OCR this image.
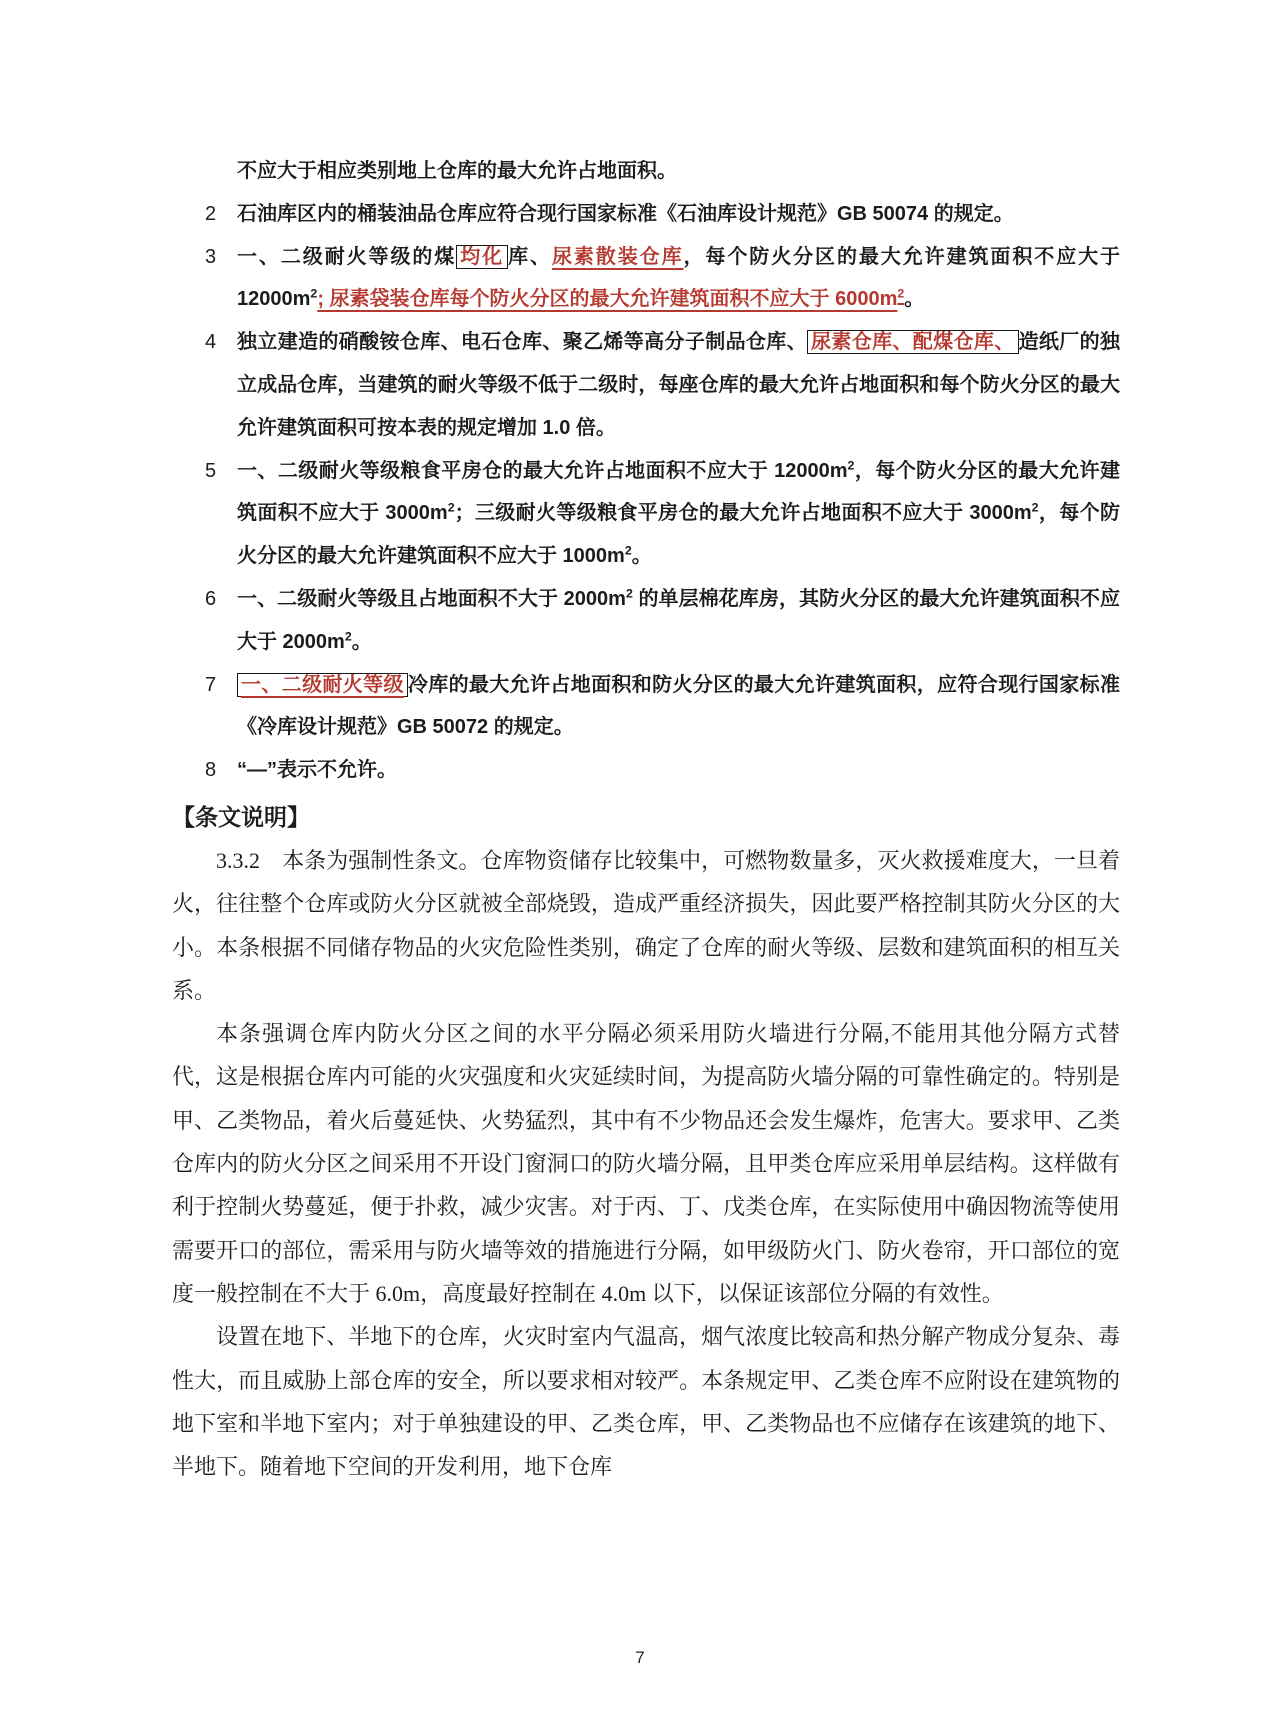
不应大于相应类别地上仓库的最大允许占地面积。
2	石油库区内的桶装油品仓库应符合现行国家标准《石油库设计规范》GB 50074 的规定。
3	一、二级耐火等级的煤 均化 库、尿素散装仓库，每个防火分区的最大允许建筑面积不应大于 $12000m^2$; 尿素袋装仓库每个防火分区的最大允许建筑面积不应大于 $6000m^2$。
4	独立建造的硝酸铵仓库、电石仓库、聚乙烯等高分子制品仓库、 尿素仓库、配煤仓库、 造纸厂的独立成品仓库，当建筑的耐火等级不低于二级时，每座仓库的最大允许占地面积和每个防火分区的最大允许建筑面积可按本表的规定增加 1.0 倍。
5	一、二级耐火等级粮食平房仓的最大允许占地面积不应大于 $12000m^2$，每个防火分区的最大允许建筑面积不应大于 $3000m^2$；三级耐火等级粮食平房仓的最大允许占地面积不应大于 $3000m^2$，每个防火分区的最大允许建筑面积不应大于 $1000m^2$。
6	一、二级耐火等级且占地面积不大于 $2000m^2$ 的单层棉花库房，其防火分区的最大允许建筑面积不应大于 $2000m^2$。
7	一、二级耐火等级 冷库的最大允许占地面积和防火分区的最大允许建筑面积，应符合现行国家标准《冷库设计规范》GB 50072 的规定。
8	“—”表示不允许。
【条文说明】

3.3.2　本条为强制性条文。仓库物资储存比较集中，可燃物数量多，灭火救援难度大，一旦着火，往往整个仓库或防火分区就被全部烧毁，造成严重经济损失，因此要严格控制其防火分区的大小。本条根据不同储存物品的火灾危险性类别，确定了仓库的耐火等级、层数和建筑面积的相互关系。

本条强调仓库内防火分区之间的水平分隔必须采用防火墙进行分隔,不能用其他分隔方式替代，这是根据仓库内可能的火灾强度和火灾延续时间，为提高防火墙分隔的可靠性确定的。特别是甲、乙类物品，着火后蔓延快、火势猛烈，其中有不少物品还会发生爆炸，危害大。要求甲、乙类仓库内的防火分区之间采用不开设门窗洞口的防火墙分隔，且甲类仓库应采用单层结构。这样做有利于控制火势蔓延，便于扑救，减少灾害。对于丙、丁、戊类仓库，在实际使用中确因物流等使用需要开口的部位，需采用与防火墙等效的措施进行分隔，如甲级防火门、防火卷帘，开口部位的宽度一般控制在不大于 6.0m，高度最好控制在 4.0m 以下，以保证该部位分隔的有效性。

设置在地下、半地下的仓库，火灾时室内气温高，烟气浓度比较高和热分解产物成分复杂、毒性大，而且威胁上部仓库的安全，所以要求相对较严。本条规定甲、乙类仓库不应附设在建筑物的地下室和半地下室内；对于单独建设的甲、乙类仓库，甲、乙类物品也不应储存在该建筑的地下、半地下。随着地下空间的开发利用，地下仓库

7
